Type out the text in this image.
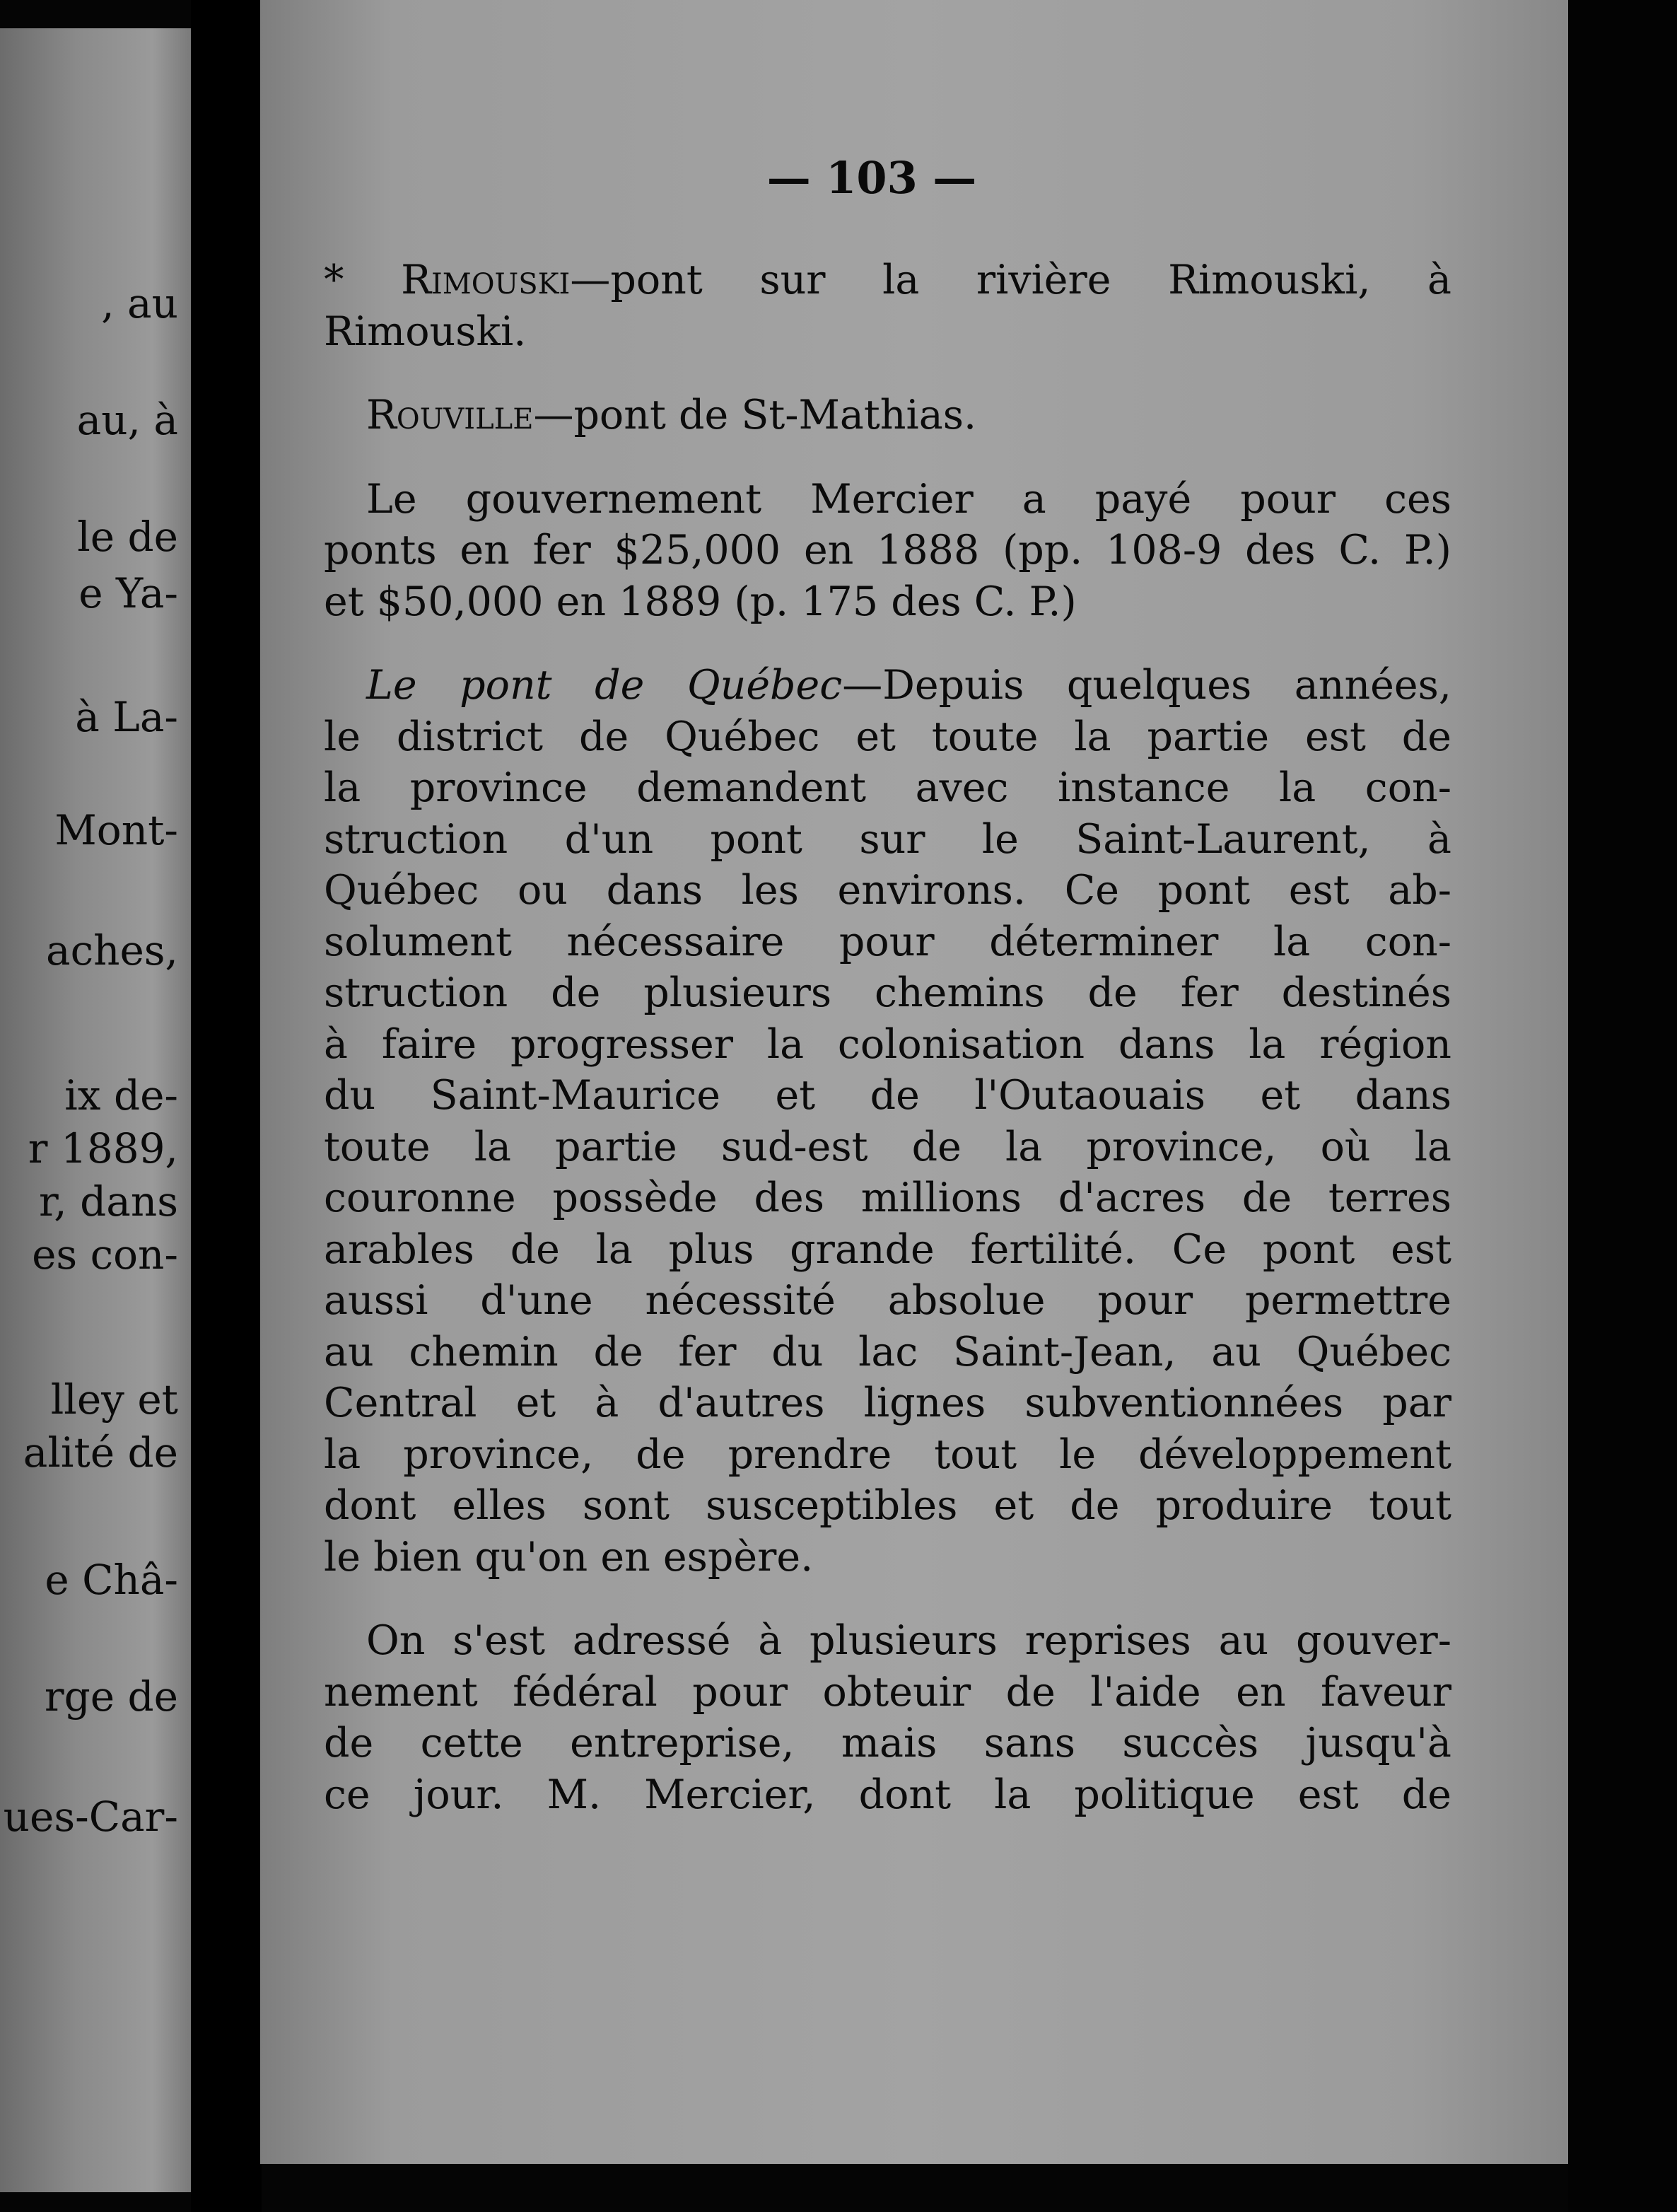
, au
au, à
le de
e Ya-
à La-
Mont-
aches,
ix de-
r 1889,
r, dans
es con-
lley et
alité de
e Châ-
rge de
ues-Car-
— 103 —
* Rimouski—pont sur la rivière Rimouski, à
Rimouski.
Rouville—pont de St-Mathias.
Le gouvernement Mercier a payé pour ces
ponts en fer $25,000 en 1888 (pp. 108-9 des C. P.)
et $50,000 en 1889 (p. 175 des C. P.)
Le pont de Québec—Depuis quelques années,
le district de Québec et toute la partie est de
la province demandent avec instance la con-
struction d'un pont sur le Saint-Laurent, à
Québec ou dans les environs. Ce pont est ab-
solument nécessaire pour déterminer la con-
struction de plusieurs chemins de fer destinés
à faire progresser la colonisation dans la région
du Saint-Maurice et de l'Outaouais et dans
toute la partie sud-est de la province, où la
couronne possède des millions d'acres de terres
arables de la plus grande fertilité. Ce pont est
aussi d'une nécessité absolue pour permettre
au chemin de fer du lac Saint-Jean, au Québec
Central et à d'autres lignes subventionnées par
la province, de prendre tout le développement
dont elles sont susceptibles et de produire tout
le bien qu'on en espère.
On s'est adressé à plusieurs reprises au gouver-
nement fédéral pour obteuir de l'aide en faveur
de cette entreprise, mais sans succès jusqu'à
ce jour. M. Mercier, dont la politique est de
